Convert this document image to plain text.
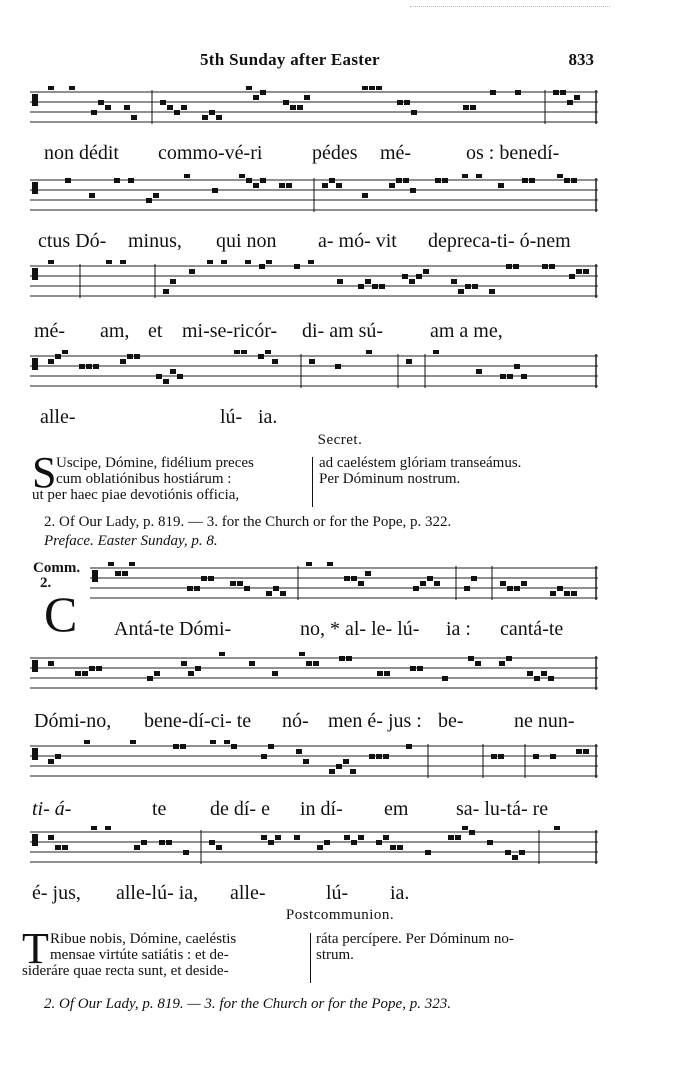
5th Sunday after Easter	833
non dédit commo-vé-ri pédes mé-	os : benedí-
ctus Dó- minus, qui non a- mó- vit depreca-ti- ó-nem
mé- am, et mi-se-ricór- di- am sú- am a me,
alle-	lú- ia.
Secret.
S Uscipe, Dómine, fidélium preces
cum oblatiónibus hostiárum :
ut per haec piae devotiónis officia,
ad caeléstem glóriam transeámus.
Per Dóminum nostrum.
2. Of Our Lady, p. 819. — 3. for the Church or for the Pope, p. 322.
Preface. Easter Sunday, p. 8.
Comm.
2.
C Antá-te Dómi-	no, * al- le- lú- ia : cantá-te
Dómi-no, bene-dí-ci- te nó- men é- jus : be-	ne nun-
ti- á-	te de dí- e in dí- em sa- lu-tá- re
é- jus, alle-lú- ia, alle-	lú- ia.
Postcommunion.
T Ribue nobis, Dómine, caeléstis
mensae virtúte satiátis : et de-
sideráre quae recta sunt, et deside-
ráta percípere. Per Dóminum no-
strum.
2. Of Our Lady, p. 819. — 3. for the Church or for the Pope, p. 323.
